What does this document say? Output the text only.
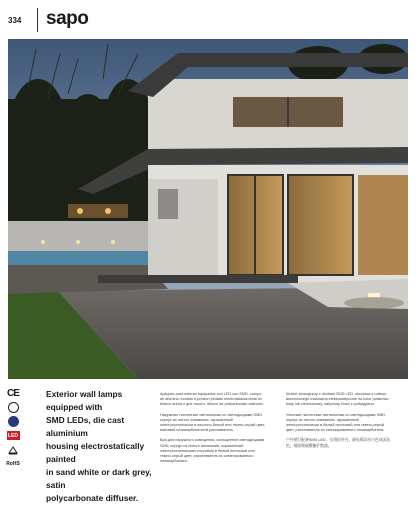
334 sapo
CE
LED
RoHS
Exterior wall lamps equipped with
SMD LEDs, die cast aluminium
housing electrostatically painted
in sand white or dark grey, satin
polycarbonate diffuser.

Apliques para exterior equipados con LED con SMD, cuerpo de aluminio fundido a presión pintado electrostáticamente en blanco arena o gris oscuro, difusor de policarbonato satinado.

Наружные настенные светильники со светодиодами SMD, корпус из литого алюминия, окрашенный электростатически в песочно-белый или темно-серый цвет, матовый поликарбонатный рассеиватель.

Бра для наружного освещения, оснащенное светодиодами SMD, корпус из литого алюминия, окрашенный электростатическим способом в белый песочный или темно-серый цвет, рассеиватель из сатинированного поликарбоната.

Kinkiet zewnętrzny z diodami SMD LED, obudowa z odlewu aluminiowego malowana elektrostatycznie na kolor piaskowo-biały lub ciemnoszary, satynowy klosz z poliwęglanu.

Уличные настенные светильники со светодиодами SMD, корпус из литого алюминия, окрашенный электростатически в белый песочный или темно-серый цвет, рассеиватель из сатинированного поликарбоната.

户外壁灯配备SMD LED，压铸铝外壳，静电喷涂沙白色或深灰色，缎面聚碳酸酯扩散器。
